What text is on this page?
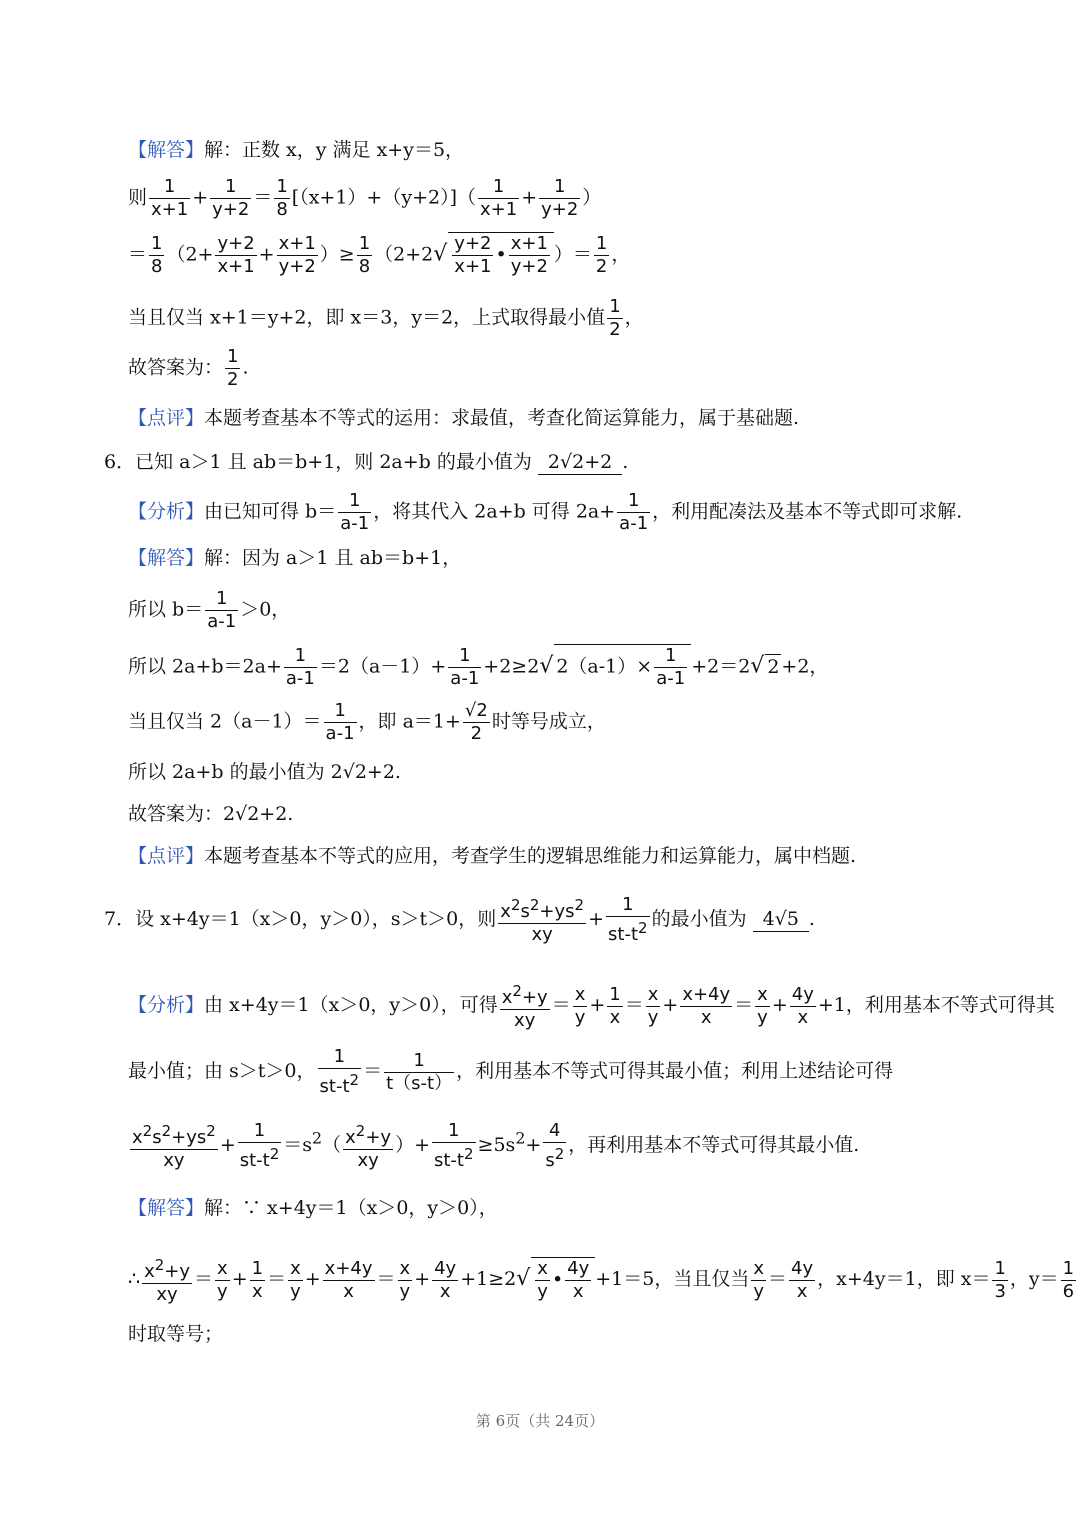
【解答】解：正数 x，y 满足 x+y＝5，
则 $\frac{1}{x+1} + \frac{1}{y+2} = \frac{1}{8} [(x+1)+(y+2)]( \frac{1}{x+1} + \frac{1}{y+2}$ ）
＝ $\frac{1}{8} (2+ \frac{y+2}{x+1} + \frac{x+1}{y+2}$ ）≥ $\frac{1}{8} (2+2√ \frac{y+2}{x+1}$ • $\frac{x+1}{y+2}$ ）＝ $\frac{1}{2}$ ，
当且仅当 x+1＝y+2，即 x＝3，y＝2，上式取得最小值 $\frac{1}{2}$ ，
故答案为： $\frac{1}{2}$ .
【点评】本题考查基本不等式的运用：求最值，考查化简运算能力，属于基础题.
6．已知 a＞1 且 ab＝b+1，则 2a+b 的最小值为 2√2+2 .
【分析】由已知可得 $b= \frac{1}{a-1}$ ，将其代入 2a+b 可得 $2a+ \frac{1}{a-1}$ ，利用配凑法及基本不等式即可求解.
【解答】解：因为 a＞1 且 ab＝b+1，
所以 $b= \frac{1}{a-1} >0$，
所以 $2a+b=2a+ \frac{1}{a-1} =2(a-1)+ \frac{1}{a-1} +2\ge 2√$ $2(a-1)\times \frac{1}{a-1} +2=2√$ 2 +2，
当且仅当 $2(a-1)= \frac{1}{a-1}$ ，即 $a=1+ \frac{√2}{2}$ 时等号成立，
所以 2a+b 的最小值为 2√2+2.
故答案为：2√2+2.
【点评】本题考查基本不等式的应用，考查学生的逻辑思维能力和运算能力，属中档题.
7．设 x+4y＝1（x＞0，y＞0），s＞t＞0，则 $\frac{x^2s^2+ys^2}{xy} + \frac{1}{st-t^2}$ 的最小值为 4√5 .
【分析】由 x+4y＝1（x＞0，y＞0），可得 $\frac{x^2+y}{xy} = \frac{x}{y} + \frac{1}{x} = \frac{x}{y} + \frac{x+4y}{x} = \frac{x}{y} + \frac{4y}{x} +1$，利用基本不等式可得其
最小值；由 s＞t＞0， $\frac{1}{st-t^2} = \frac{1}{t(s-t)}$ ，利用基本不等式可得其最小值；利用上述结论可得
$\frac{x^2s^2+ys^2}{xy} + \frac{1}{st-t^2} =s^2( \frac{x^2+y}{xy}$ ）+ $\frac{1}{st-t^2} \ge 5s^2+ \frac{4}{s^2}$ ，再利用基本不等式可得其最小值.
【解答】解：∵ x+4y＝1（x＞0，y＞0），
∴ $\frac{x^2+y}{xy} = \frac{x}{y} + \frac{1}{x} = \frac{x}{y} + \frac{x+4y}{x} = \frac{x}{y} + \frac{4y}{x} +1\ge 2√ \frac{x}{y}$ • $\frac{4y}{x} +1=5$，当且仅当 $\frac{x}{y} = \frac{4y}{x}$ ，x+4y＝1，即 $x= \frac{1}{3}$ ，$y= \frac{1}{6}$
时取等号；
第 6页（共 24页）
